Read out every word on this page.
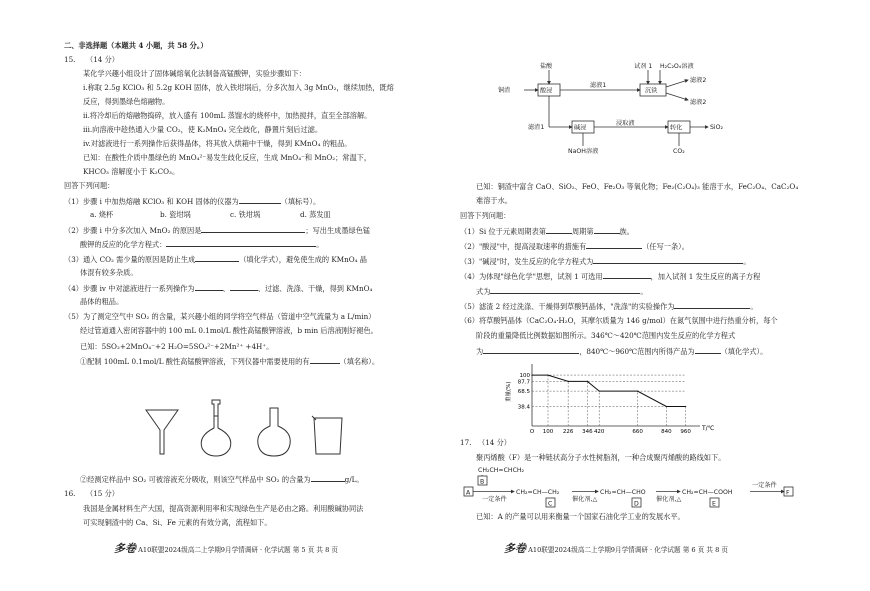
二、非选择题（本题共 4 小题，共 58 分。）
15. （14 分）
某化学兴趣小组设计了固体碱熔氧化法制备高锰酸钾，实验步骤如下：
i.称取 2.5g KClO₃ 和 5.2g KOH 固体，放入铁坩埚后，分多次加入 3g MnO₂，继续加热，既熔
反应，得到墨绿色熔融物。
ii.将冷却后的熔融物捣碎，放入盛有 100mL 蒸馏水的烧杯中，加热搅拌，直至全部溶解。
iii.向溶液中趁热通入少量 CO₂，使 K₂MnO₄ 完全歧化，静置片刻后过滤。
iv.对滤液进行一系列操作后获得晶体，将其放入烘箱中干燥，得到 KMnO₄ 的粗品。
已知：在酸性介质中墨绿色的 MnO₄²⁻易发生歧化反应，生成 MnO₄⁻和 MnO₂；常温下，
KHCO₃ 溶解度小于 K₂CO₃。
回答下列问题：
（1）步骤 i 中加热熔融 KClO₃ 和 KOH 固体的仪器为	（填标号）。
a. 烧杯	b. 瓷坩埚	c. 铁坩埚	d. 蒸发皿
（2）步骤 i 中分多次加入 MnO₂ 的原因是	；写出生成墨绿色锰
酸钾的反应的化学方程式：	。
（3）通入 CO₂ 需少量的原因是防止生成	（填化学式），避免使生成的 KMnO₄ 晶
体混有较多杂质。
（4）步骤 iv 中对滤液进行一系列操作为	、	、过滤、洗涤、干燥，得到 KMnO₄
晶体的粗品。
（5）为了测定空气中 SO₂ 的含量，某兴趣小组的同学将空气样品（管道中空气流量为 a L/min）
经过管道通入密闭容器中的 100 mL 0.1mol/L 酸性高锰酸钾溶液，b min 后溶液刚好褪色。
已知：5SO₂+2MnO₄⁻+2 H₂O=5SO₄²⁻+2Mn²⁺ +4H⁺。
①配制 100mL 0.1mol/L 酸性高锰酸钾溶液，下列仪器中需要使用的有	（填名称）。
②经测定样品中 SO₂ 可被溶液充分吸收，则该空气样品中 SO₂ 的含量为	g/L。
16. （15 分）
我国是金属材料生产大国，提高资源利用率和实现绿色生产是必由之路。利用酸碱协同法
可实现铜渣中的 Ca、Si、Fe 元素的有效分离，流程如下。
多卷 A10联盟2024级高二上学期9月学情调研 · 化学试题 第 5 页 共 8 页
铜渣
盐酸
酸浸
滤液1
试剂 1 H₂C₂O₄溶液
沉铁
滤液2
滤液2
滤渣1	碱浸
浸取液
转化	SiO₂
NaOH溶液	CO₂
已知：铜渣中富含 CaO、SiO₂、FeO、Fe₂O₃ 等氧化物；Fe₂(C₂O₄)₃ 能溶于水，FeC₂O₄、CaC₂O₄
难溶于水。
回答下列问题：
（1）Si 位于元素周期表第	周期第	族。
（2）"酸浸"中，提高浸取速率的措施有	（任写一条）。
（3）"碱浸"时，发生反应的化学方程式为	。
（4）为体现"绿色化学"思想，试剂 1 可选用	，加入试剂 1 发生反应的离子方程
式为	。
（5）滤渣 2 经过洗涤、干燥得到草酸钙晶体，"洗涤"的实验操作为	。
（6）将草酸钙晶体（CaC₂O₄·H₂O，其摩尔质量为 146 g/mol）在氮气氛围中进行热重分析，每个
阶段的重量降低比例数据如图所示。346℃～420℃范围内发生反应的化学方程式
为	，840℃～960℃范围内所得产品为	（填化学式）。
重量(%)
T/℃
100
87.7
68.5
38.4
O 100 226 346 420	660	840 960
17. （14 分）
聚丙烯酸（F）是一种链状高分子水性树脂剂，一种合成聚丙烯酸的路线如下。
CH₂CH=CHCH₂
A
B
一定条件
CH₂=CH—CH₂
C
催化剂,△
CH₂=CH—CHO
D
催化剂,△
CH₂=CH—COOH
E
一定条件
F
已知：A 的产量可以用来衡量一个国家石油化学工业的发展水平。
多卷 A10联盟2024级高二上学期9月学情调研 · 化学试题 第 6 页 共 8 页
